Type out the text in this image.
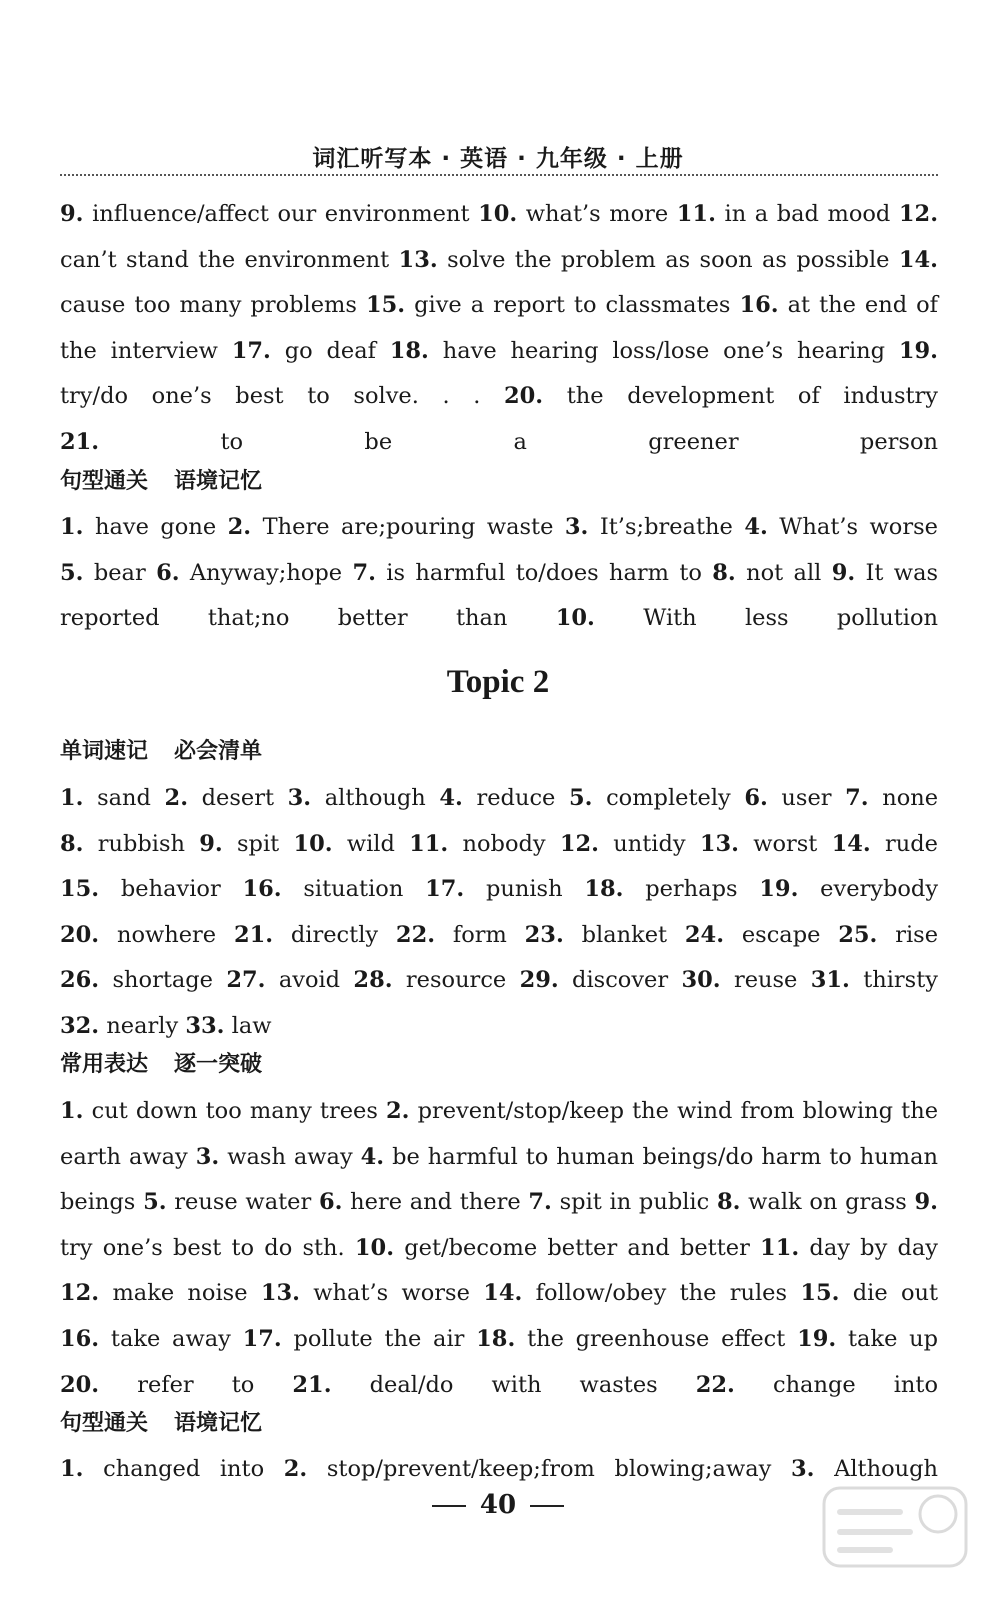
词汇听写本 · 英语 · 九年级 · 上册
9. influence/affect our environment 10. what’s more 11. in a bad mood 12. can’t stand the environment 13. solve the problem as soon as possible 14. cause too many problems 15. give a report to classmates 16. at the end of the interview 17. go deaf 18. have hearing loss/lose one’s hearing 19. try/do one’s best to solve. . . 20. the development of industry 21.	to be a greener person
句型通关 语境记忆
1. have gone 2. There are;pouring waste 3. It’s;breathe 4. What’s worse 5. bear 6. Anyway;hope 7. is harmful to/does harm to 8. not all 9. It was reported that;no better than 10. With less pollution
Topic 2
单词速记 必会清单
1. sand 2. desert 3. although 4. reduce 5. completely 6. user 7. none 8. rubbish 9. spit 10. wild 11. nobody 12. untidy 13. worst 14. rude 15. behavior 16. situation 17. punish 18. perhaps 19. everybody 20. nowhere 21. directly 22. form 23. blanket 24. escape 25. rise 26. shortage 27. avoid 28. resource 29. discover 30. reuse 31. thirsty 32. nearly 33. law
常用表达 逐一突破
1. cut down too many trees 2. prevent/stop/keep the wind from blowing the earth away 3. wash away 4. be harmful to human beings/do harm to human beings 5. reuse water 6. here and there 7. spit in public 8. walk on grass 9. try one’s best to do sth. 10. get/become better and better 11. day by day 12. make noise 13. what’s worse 14. follow/obey the rules 15. die out 16. take away 17. pollute the air 18. the greenhouse effect 19. take up 20. refer to 21. deal/do with wastes 22. change into
句型通关 语境记忆
1. changed into 2. stop/prevent/keep;from blowing;away 3. Although
40
